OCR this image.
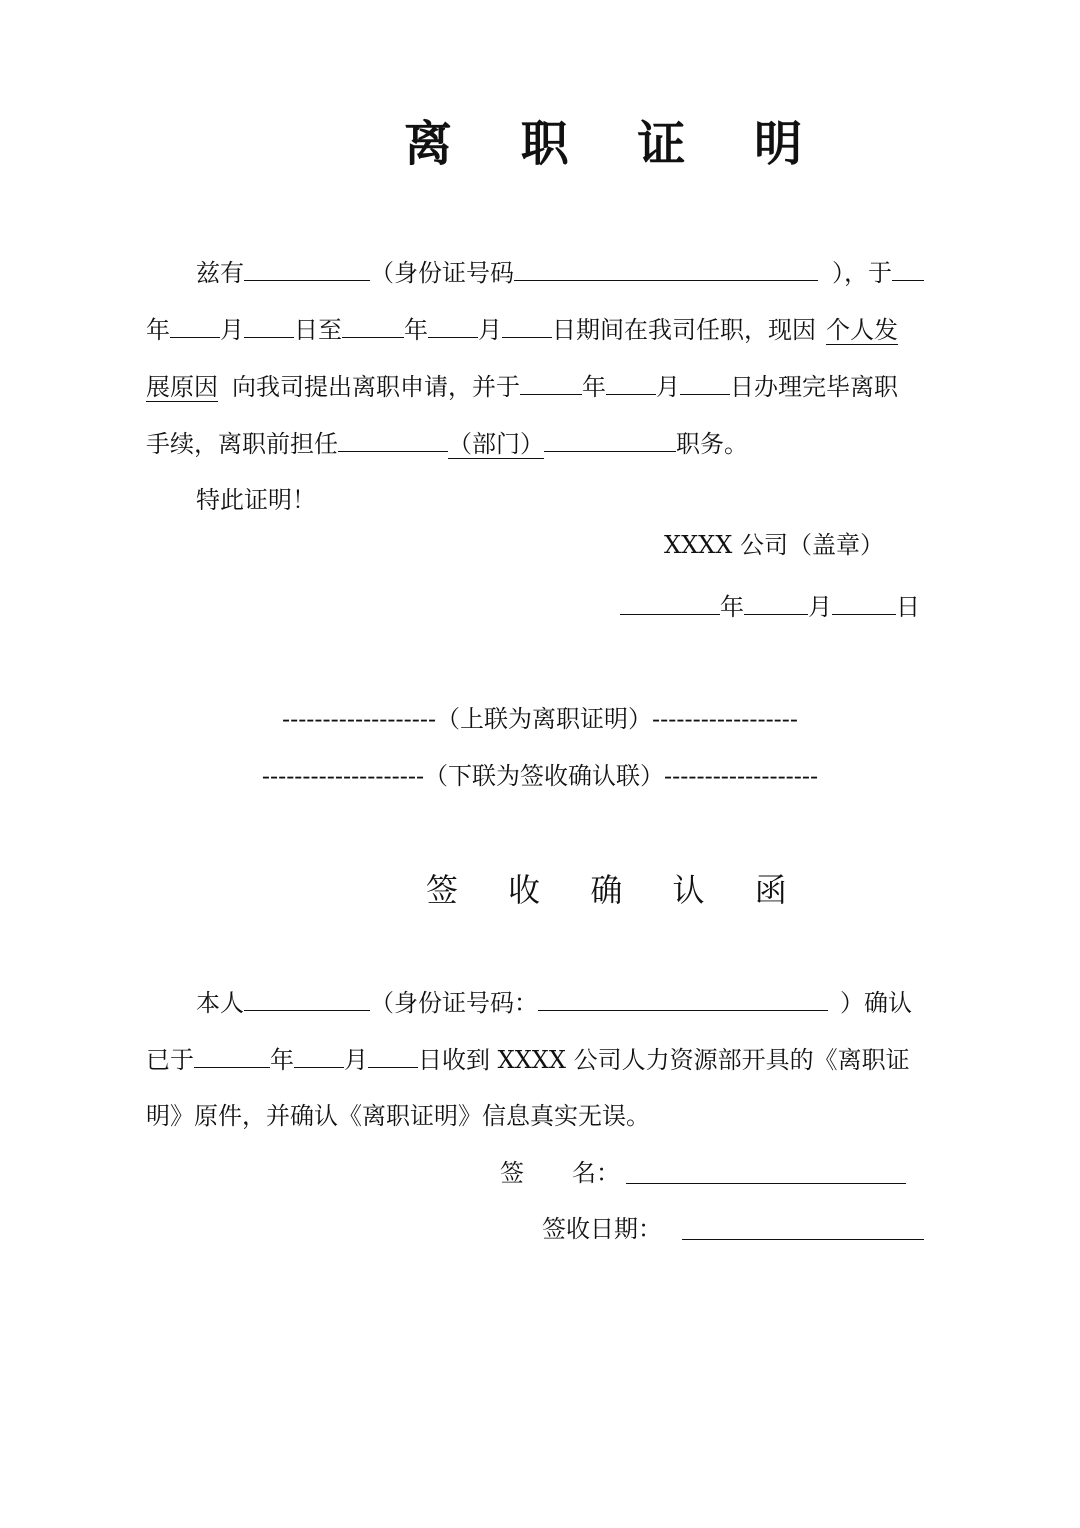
离 职 证 明
兹有	（身份证号码	），于
年 月 日至	年 月 日期间在我司任职，现因 个人发
展原因 向我司提出离职申请，并于	年 月 日办理完毕离职
手续，离职前担任	（部门）	职务。
特此证明！
XXXX 公司（盖章）
年	月	日
-------------------（上联为离职证明）------------------
--------------------（下联为签收确认联）-------------------
签 收 确 认 函
本人	（身份证号码：	）确认
已于	年 月 日收到 XXXX 公司人力资源部开具的《离职证
明》原件，并确认《离职证明》信息真实无误。
签　　名：
签收日期：
